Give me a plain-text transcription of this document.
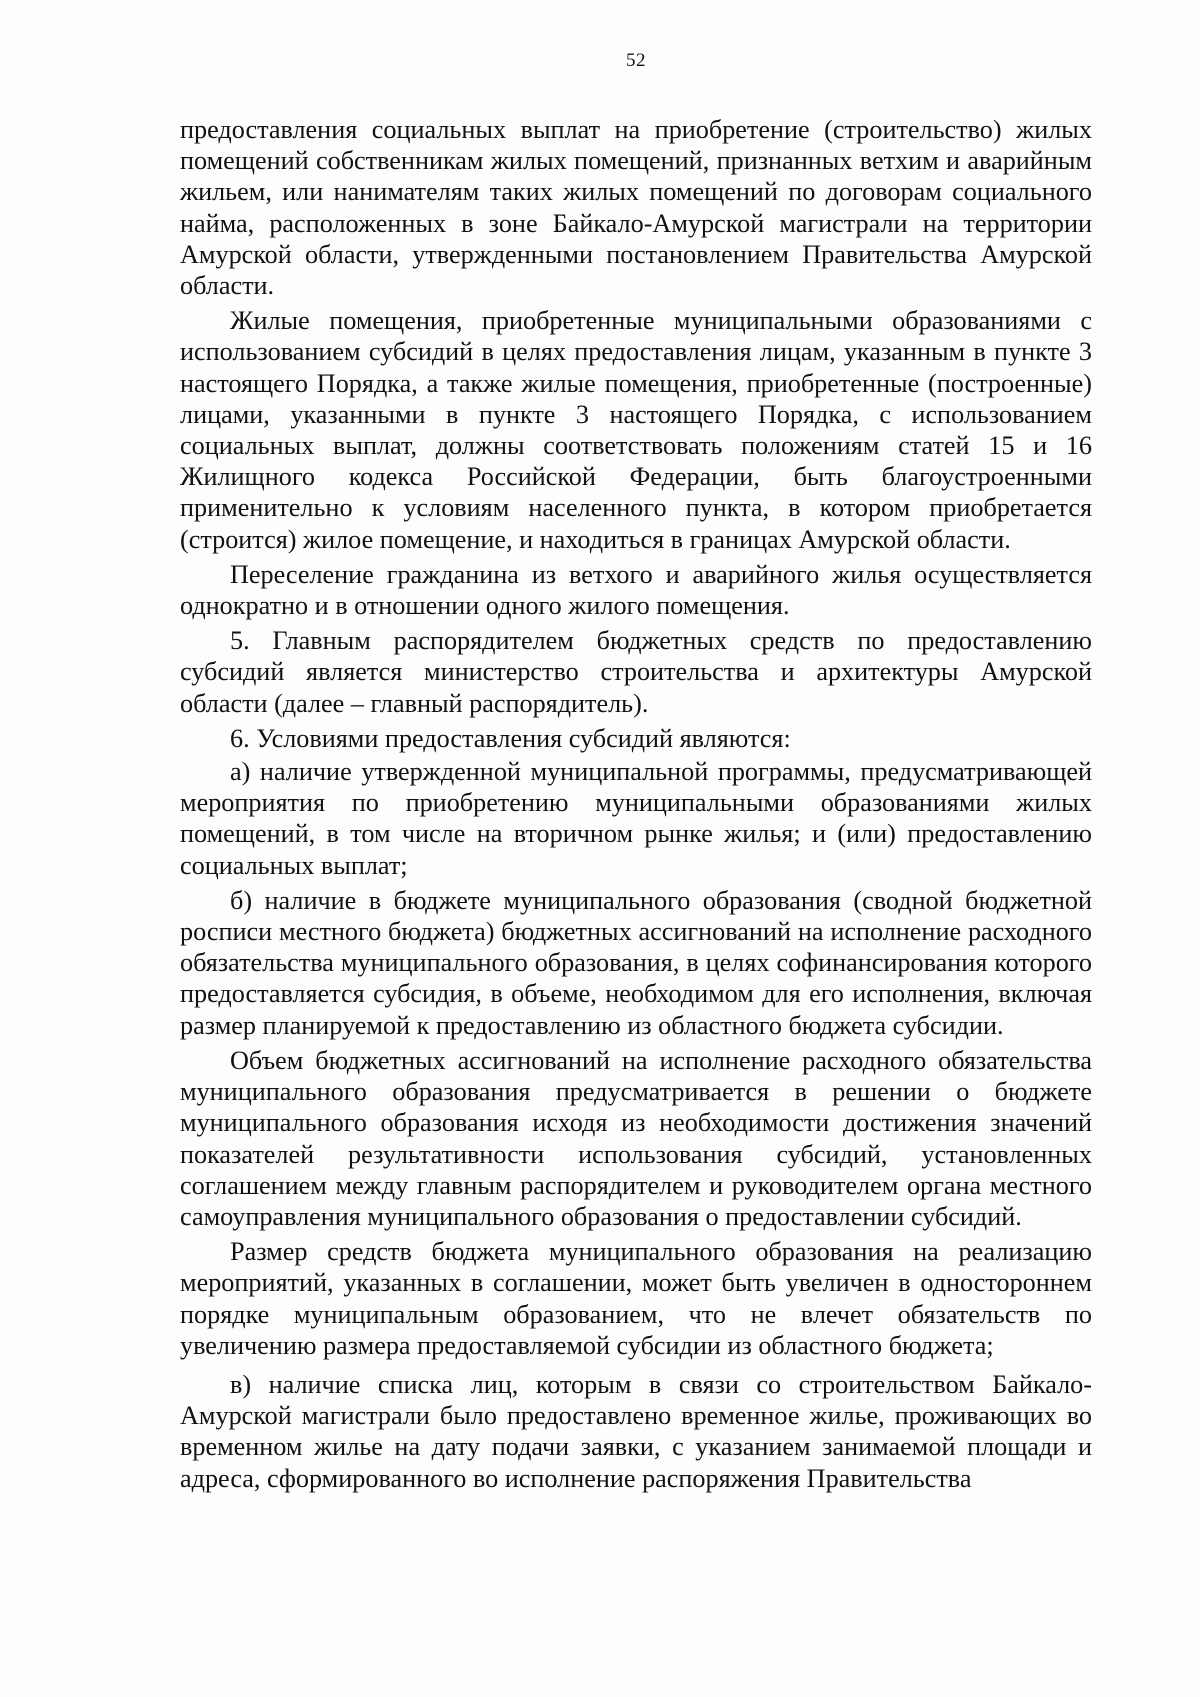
52

предоставления социальных выплат на приобретение (строительство) жилых помещений собственникам жилых помещений, признанных ветхим и аварийным жильем, или нанимателям таких жилых помещений по договорам социального найма, расположенных в зоне Байкало-Амурской магистрали на территории Амурской области, утвержденными постановлением Правительства Амурской области.

Жилые помещения, приобретенные муниципальными образованиями с использованием субсидий в целях предоставления лицам, указанным в пункте 3 настоящего Порядка, а также жилые помещения, приобретенные (построенные) лицами, указанными в пункте 3 настоящего Порядка, с использованием социальных выплат, должны соответствовать положениям статей 15 и 16 Жилищного кодекса Российской Федерации, быть благоустроенными применительно к условиям населенного пункта, в котором приобретается (строится) жилое помещение, и находиться в границах Амурской области.

Переселение гражданина из ветхого и аварийного жилья осуществляется однократно и в отношении одного жилого помещения.

5. Главным распорядителем бюджетных средств по предоставлению субсидий является министерство строительства и архитектуры Амурской области (далее – главный распорядитель).

6. Условиями предоставления субсидий являются:

а) наличие утвержденной муниципальной программы, предусматривающей мероприятия по приобретению муниципальными образованиями жилых помещений, в том числе на вторичном рынке жилья; и (или) предоставлению социальных выплат;

б) наличие в бюджете муниципального образования (сводной бюджетной росписи местного бюджета) бюджетных ассигнований на исполнение расходного обязательства муниципального образования, в целях софинансирования которого предоставляется субсидия, в объеме, необходимом для его исполнения, включая размер планируемой к предоставлению из областного бюджета субсидии.

Объем бюджетных ассигнований на исполнение расходного обязательства муниципального образования предусматривается в решении о бюджете муниципального образования исходя из необходимости достижения значений показателей результативности использования субсидий, установленных соглашением между главным распорядителем и руководителем органа местного самоуправления муниципального образования о предоставлении субсидий.

Размер средств бюджета муниципального образования на реализацию мероприятий, указанных в соглашении, может быть увеличен в одностороннем порядке муниципальным образованием, что не влечет обязательств по увеличению размера предоставляемой субсидии из областного бюджета;

в) наличие списка лиц, которым в связи со строительством Байкало-Амурской магистрали было предоставлено временное жилье, проживающих во временном жилье на дату подачи заявки, с указанием занимаемой площади и адреса, сформированного во исполнение распоряжения Правительства
